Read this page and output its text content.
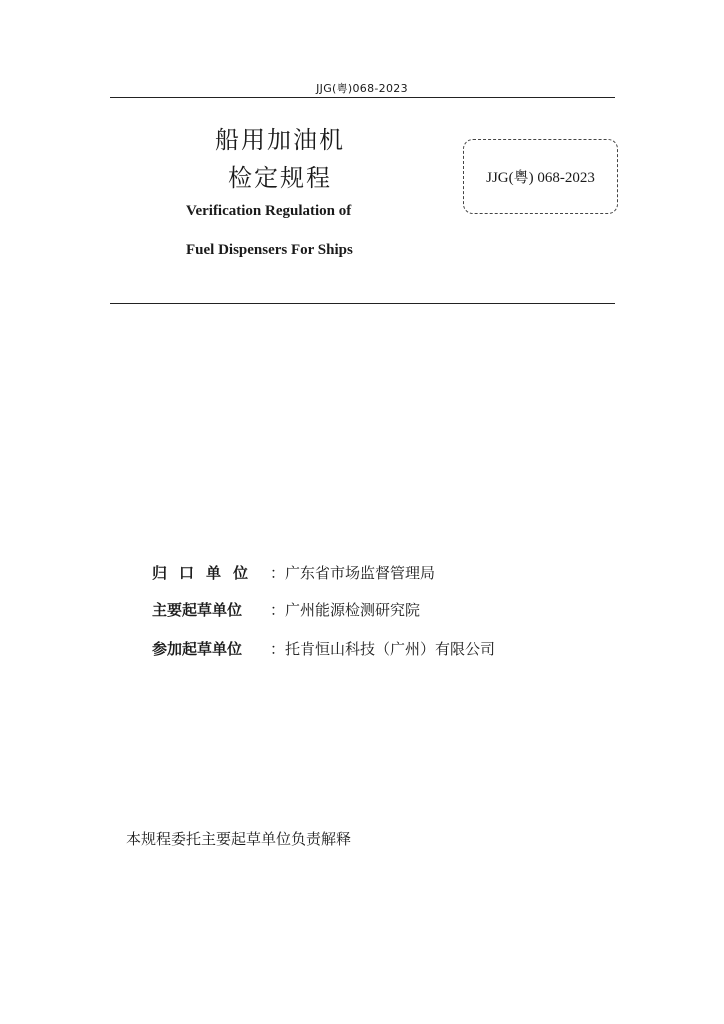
JJG(粤)068-2023
船用加油机
检定规程
Verification Regulation of
Fuel Dispensers For Ships
JJG(粤) 068-2023
归口单位 ： 广东省市场监督管理局
主要起草单位	： 广州能源检测研究院
参加起草单位	： 托肯恒山科技（广州）有限公司
本规程委托主要起草单位负责解释
